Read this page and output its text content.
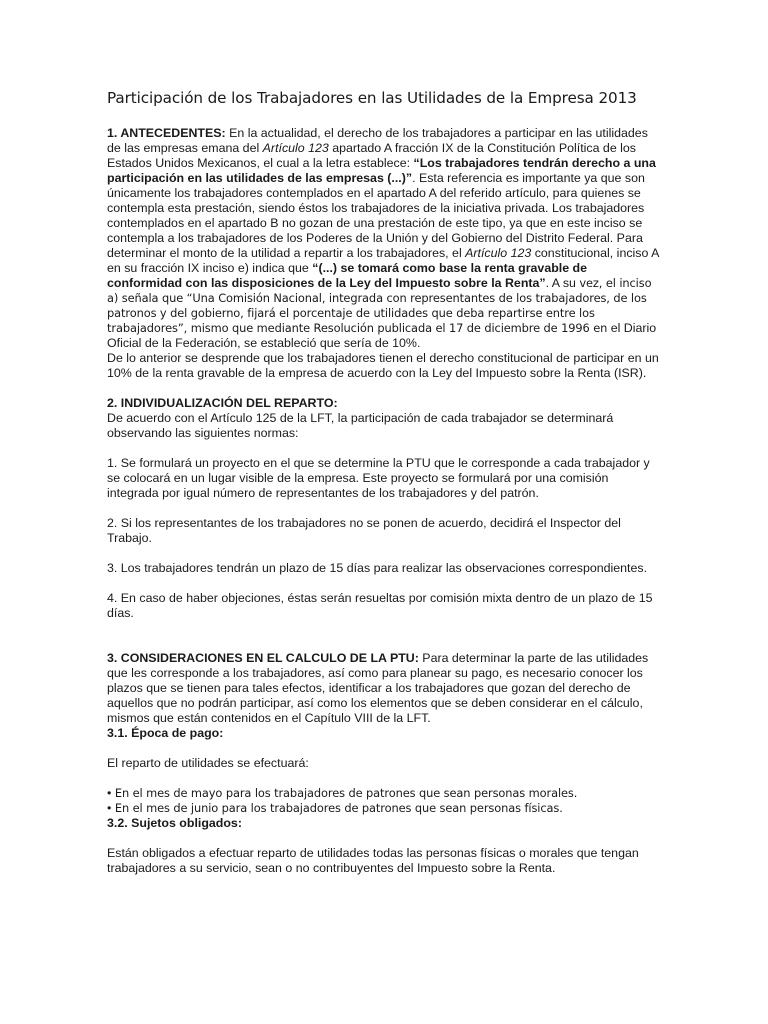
Participación de los Trabajadores en las Utilidades de la Empresa 2013

1. ANTECEDENTES: En la actualidad, el derecho de los trabajadores a participar en las utilidades de las empresas emana del Artículo 123 apartado A fracción IX de la Constitución Política de los Estados Unidos Mexicanos, el cual a la letra establece: “Los trabajadores tendrán derecho a una participación en las utilidades de las empresas (...)”. Esta referencia es importante ya que son únicamente los trabajadores contemplados en el apartado A del referido artículo, para quienes se contempla esta prestación, siendo éstos los trabajadores de la iniciativa privada. Los trabajadores contemplados en el apartado B no gozan de una prestación de este tipo, ya que en este inciso se contempla a los trabajadores de los Poderes de la Unión y del Gobierno del Distrito Federal. Para determinar el monto de la utilidad a repartir a los trabajadores, el Artículo 123 constitucional, inciso A en su fracción IX inciso e) indica que “(...) se tomará como base la renta gravable de conformidad con las disposiciones de la Ley del Impuesto sobre la Renta”. A su vez, el inciso a) señala que “Una Comisión Nacional, integrada con representantes de los trabajadores, de los patronos y del gobierno, fijará el porcentaje de utilidades que deba repartirse entre los trabajadores”, mismo que mediante Resolución publicada el 17 de diciembre de 1996 en el Diario Oficial de la Federación, se estableció que sería de 10%.

De lo anterior se desprende que los trabajadores tienen el derecho constitucional de participar en un 10% de la renta gravable de la empresa de acuerdo con la Ley del Impuesto sobre la Renta (ISR).

2. INDIVIDUALIZACIÓN DEL REPARTO:

De acuerdo con el Artículo 125 de la LFT, la participación de cada trabajador se determinará observando las siguientes normas:

1. Se formulará un proyecto en el que se determine la PTU que le corresponde a cada trabajador y se colocará en un lugar visible de la empresa. Este proyecto se formulará por una comisión integrada por igual número de representantes de los trabajadores y del patrón.

2. Si los representantes de los trabajadores no se ponen de acuerdo, decidirá el Inspector del Trabajo.

3. Los trabajadores tendrán un plazo de 15 días para realizar las observaciones correspondientes.

4. En caso de haber objeciones, éstas serán resueltas por comisión mixta dentro de un plazo de 15 días.

3. CONSIDERACIONES EN EL CALCULO DE LA PTU: Para determinar la parte de las utilidades que les corresponde a los trabajadores, así como para planear su pago, es necesario conocer los plazos que se tienen para tales efectos, identificar a los trabajadores que gozan del derecho de aquellos que no podrán participar, así como los elementos que se deben considerar en el cálculo, mismos que están contenidos en el Capítulo VIII de la LFT.

3.1. Época de pago:

El reparto de utilidades se efectuará:

• En el mes de mayo para los trabajadores de patrones que sean personas morales.

• En el mes de junio para los trabajadores de patrones que sean personas físicas.

3.2. Sujetos obligados:

Están obligados a efectuar reparto de utilidades todas las personas físicas o morales que tengan trabajadores a su servicio, sean o no contribuyentes del Impuesto sobre la Renta.
